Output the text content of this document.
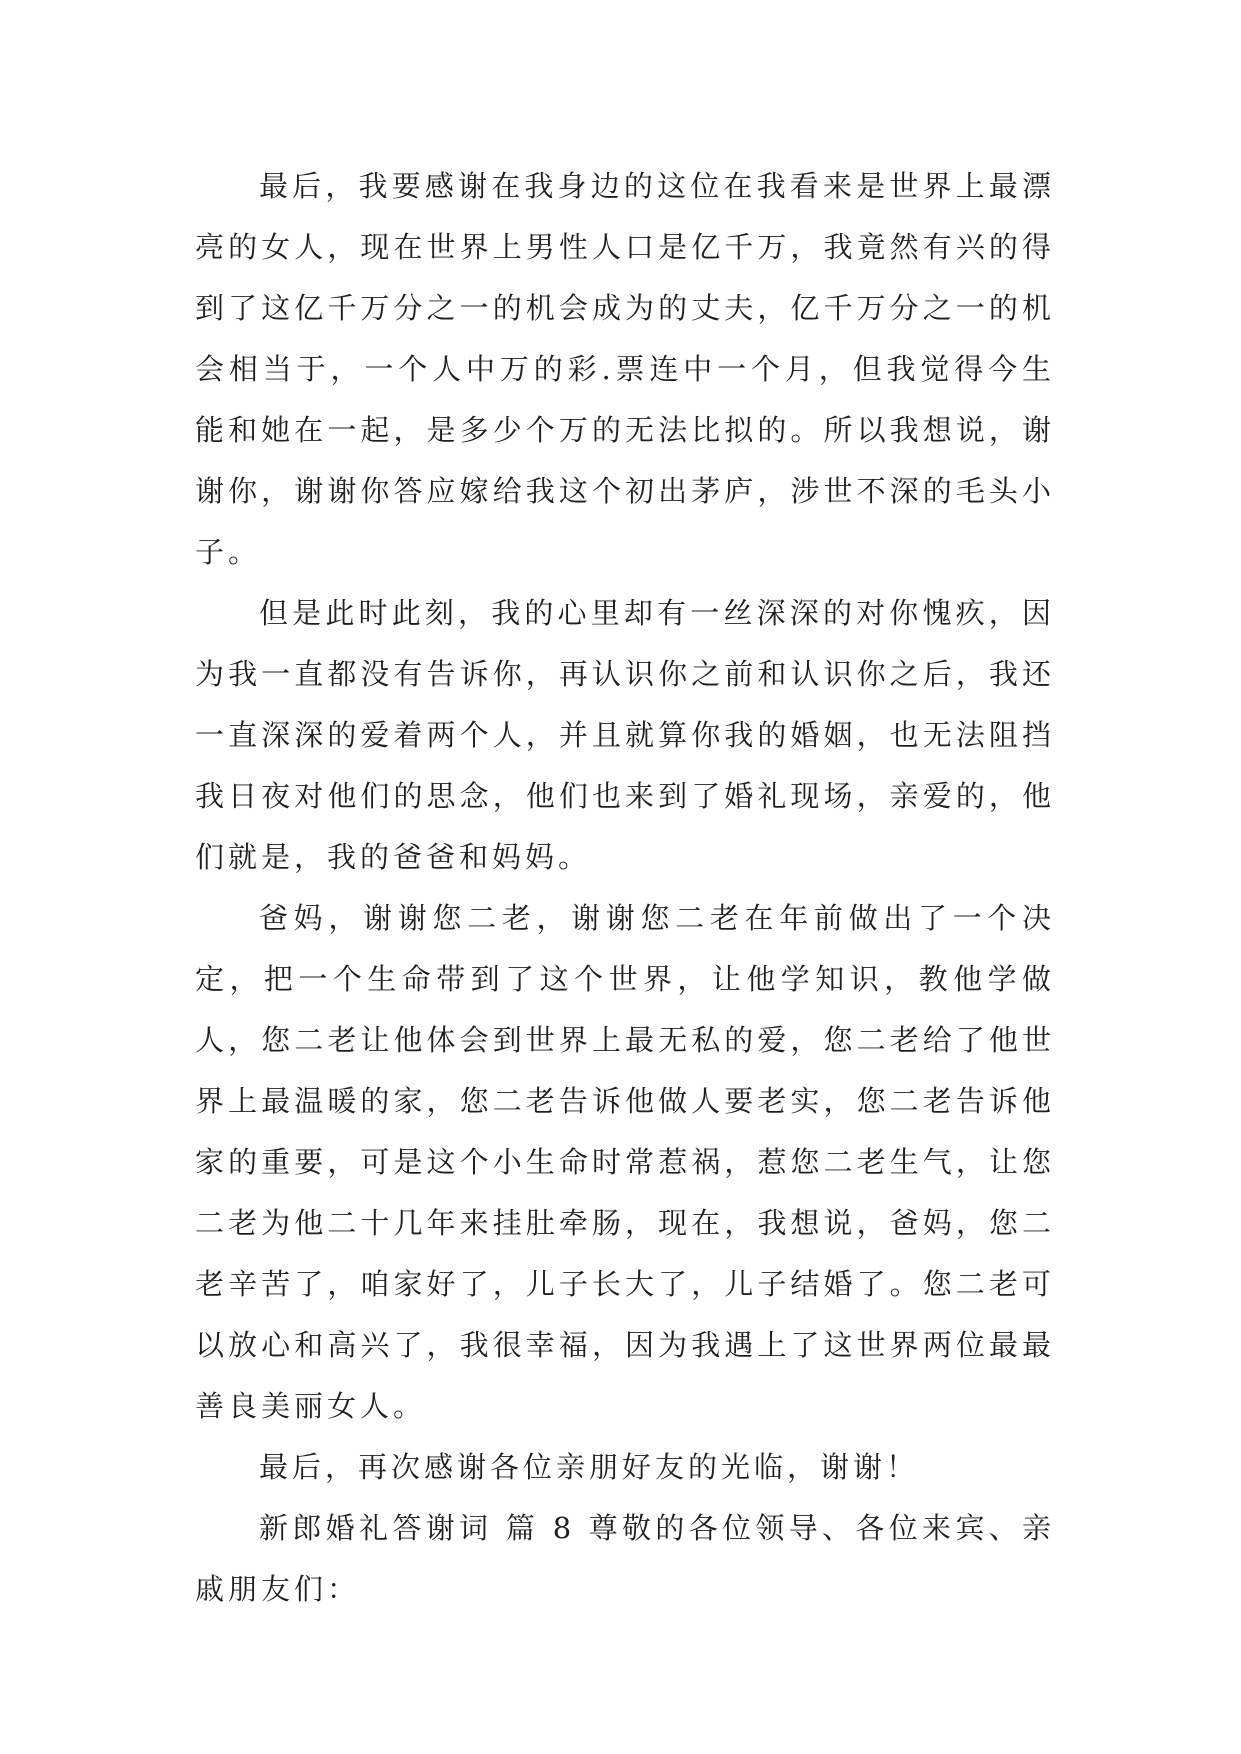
最后，我要感谢在我身边的这位在我看来是世界上最漂亮的女人，现在世界上男性人口是亿千万，我竟然有兴的得到了这亿千万分之一的机会成为的丈夫，亿千万分之一的机会相当于，一个人中万的彩.票连中一个月，但我觉得今生能和她在一起，是多少个万的无法比拟的。所以我想说，谢谢你，谢谢你答应嫁给我这个初出茅庐，涉世不深的毛头小子。

但是此时此刻，我的心里却有一丝深深的对你愧疚，因为我一直都没有告诉你，再认识你之前和认识你之后，我还一直深深的爱着两个人，并且就算你我的婚姻，也无法阻挡我日夜对他们的思念，他们也来到了婚礼现场，亲爱的，他们就是，我的爸爸和妈妈。

爸妈，谢谢您二老，谢谢您二老在年前做出了一个决定，把一个生命带到了这个世界，让他学知识，教他学做人，您二老让他体会到世界上最无私的爱，您二老给了他世界上最温暖的家，您二老告诉他做人要老实，您二老告诉他家的重要，可是这个小生命时常惹祸，惹您二老生气，让您二老为他二十几年来挂肚牵肠，现在，我想说，爸妈，您二老辛苦了，咱家好了，儿子长大了，儿子结婚了。您二老可以放心和高兴了，我很幸福，因为我遇上了这世界两位最最善良美丽女人。

最后，再次感谢各位亲朋好友的光临，谢谢！

新郎婚礼答谢词 篇 8 尊敬的各位领导、各位来宾、亲戚朋友们：
